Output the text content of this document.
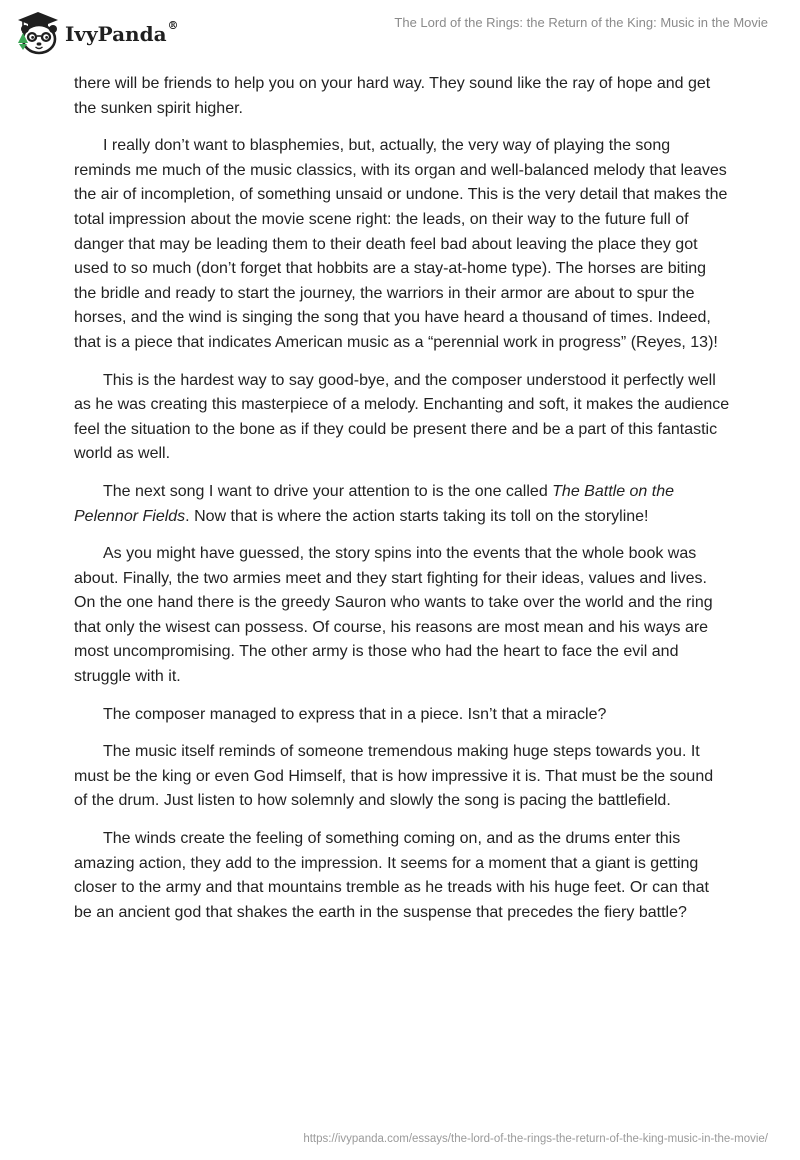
IvyPanda®	The Lord of the Rings: the Return of the King: Music in the Movie

there will be friends to help you on your hard way. They sound like the ray of hope and get the sunken spirit higher.

I really don’t want to blasphemies, but, actually, the very way of playing the song reminds me much of the music classics, with its organ and well-balanced melody that leaves the air of incompletion, of something unsaid or undone. This is the very detail that makes the total impression about the movie scene right: the leads, on their way to the future full of danger that may be leading them to their death feel bad about leaving the place they got used to so much (don’t forget that hobbits are a stay-at-home type). The horses are biting the bridle and ready to start the journey, the warriors in their armor are about to spur the horses, and the wind is singing the song that you have heard a thousand of times. Indeed, that is a piece that indicates American music as a “perennial work in progress” (Reyes, 13)!

This is the hardest way to say good-bye, and the composer understood it perfectly well as he was creating this masterpiece of a melody. Enchanting and soft, it makes the audience feel the situation to the bone as if they could be present there and be a part of this fantastic world as well.

The next song I want to drive your attention to is the one called The Battle on the Pelennor Fields. Now that is where the action starts taking its toll on the storyline!

As you might have guessed, the story spins into the events that the whole book was about. Finally, the two armies meet and they start fighting for their ideas, values and lives. On the one hand there is the greedy Sauron who wants to take over the world and the ring that only the wisest can possess. Of course, his reasons are most mean and his ways are most uncompromising. The other army is those who had the heart to face the evil and struggle with it.

The composer managed to express that in a piece. Isn’t that a miracle?

The music itself reminds of someone tremendous making huge steps towards you. It must be the king or even God Himself, that is how impressive it is. That must be the sound of the drum. Just listen to how solemnly and slowly the song is pacing the battlefield.

The winds create the feeling of something coming on, and as the drums enter this amazing action, they add to the impression. It seems for a moment that a giant is getting closer to the army and that mountains tremble as he treads with his huge feet. Or can that be an ancient god that shakes the earth in the suspense that precedes the fiery battle?

https://ivypanda.com/essays/the-lord-of-the-rings-the-return-of-the-king-music-in-the-movie/
